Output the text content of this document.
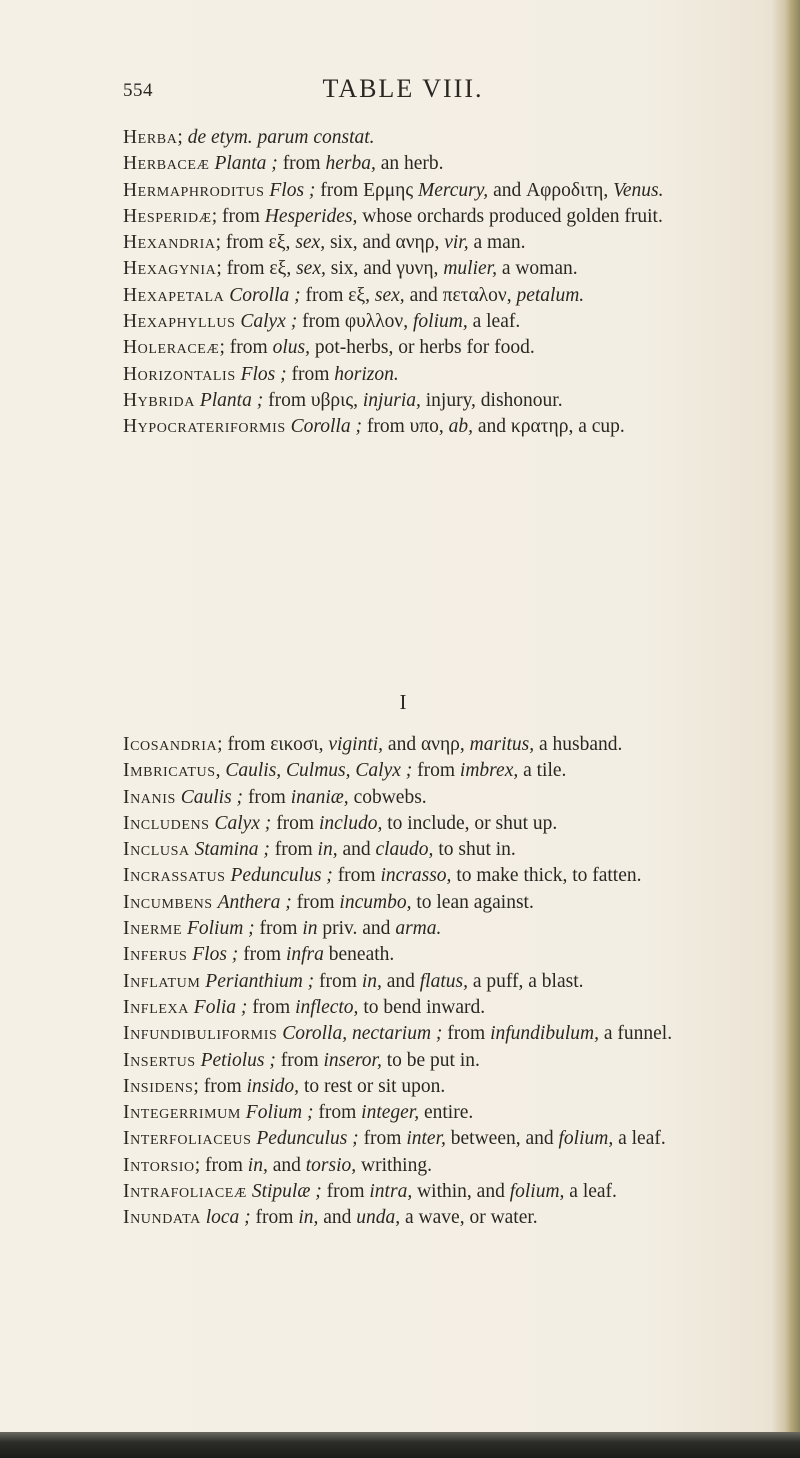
554	TABLE VIII.

Herba; de etym. parum constat.

Herbaceæ Planta ; from herba, an herb.

Hermaphroditus Flos ; from Ερμης Mercury, and Αφροδιτη, Venus.

Hesperidæ; from Hesperides, whose orchards produced golden fruit.

Hexandria; from εξ, sex, six, and ανηρ, vir, a man.

Hexagynia; from εξ, sex, six, and γυνη, mulier, a woman.

Hexapetala Corolla ; from εξ, sex, and πεταλον, petalum.

Hexaphyllus Calyx ; from φυλλον, folium, a leaf.

Holeraceæ; from olus, pot-herbs, or herbs for food.

Horizontalis Flos ; from horizon.

Hybrida Planta ; from υβρις, injuria, injury, dishonour.

Hypocrateriformis Corolla ; from υπο, ab, and κρατηρ, a cup.

I

Icosandria; from εικοσι, viginti, and ανηρ, maritus, a husband.

Imbricatus, Caulis, Culmus, Calyx ; from imbrex, a tile.

Inanis Caulis ; from inaniæ, cobwebs.

Includens Calyx ; from includo, to include, or shut up.

Inclusa Stamina ; from in, and claudo, to shut in.

Incrassatus Pedunculus ; from incrasso, to make thick, to fatten.

Incumbens Anthera ; from incumbo, to lean against.

Inerme Folium ; from in priv. and arma.

Inferus Flos ; from infra beneath.

Inflatum Perianthium ; from in, and flatus, a puff, a blast.

Inflexa Folia ; from inflecto, to bend inward.

Infundibuliformis Corolla, nectarium ; from infundibulum, a funnel.

Insertus Petiolus ; from inseror, to be put in.

Insidens; from insido, to rest or sit upon.

Integerrimum Folium ; from integer, entire.

Interfoliaceus Pedunculus ; from inter, between, and folium, a leaf.

Intorsio; from in, and torsio, writhing.

Intrafoliaceæ Stipulæ ; from intra, within, and folium, a leaf.

Inundata loca ; from in, and unda, a wave, or water.
